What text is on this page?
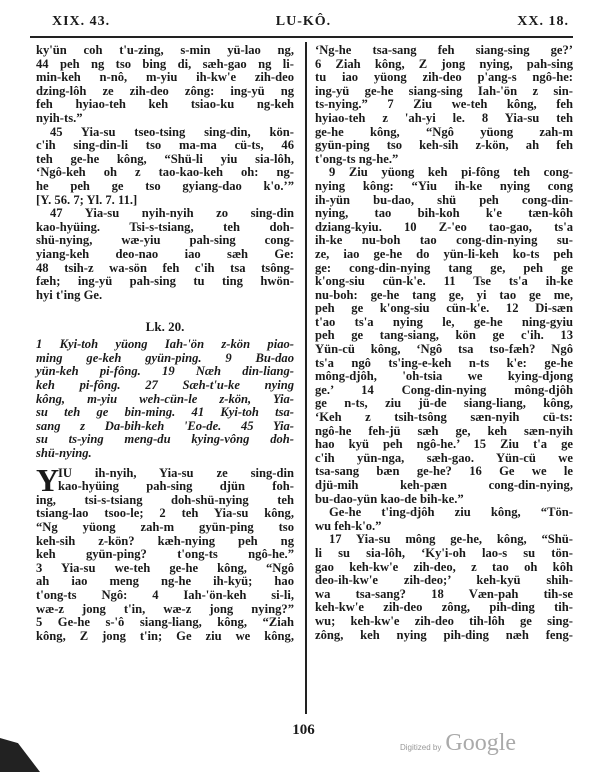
XIX. 43.	LU-KÔ.	XX. 18.
ky'ün coh t'u-zing, s-min yü-lao ng,
44 peh ng tso bing di, sæh-gao ng li-
min-keh n-nô, m-yiu ih-kw'e zih-deo
dzing-lôh ze zih-deo zông: ing-yü ng
feh hyiao-teh keh tsiao-ku ng-keh
nyih-ts.”
45 Yia-su tseo-tsing sing-din, kön-
c'ih sing-din-li tso ma-ma cü-ts, 46
teh ge-he kông, “Shü-li yiu sia-lôh,
‘Ngô-keh oh z tao-kao-keh oh: ng-
he peh ge tso gyiang-dao k'o.’”
[Y. 56. 7; Yl. 7. 11.]
47 Yia-su nyih-nyih zo sing-din
kao-hyüing. Tsi-s-tsiang, teh doh-
shü-nying, wæ-yiu pah-sing cong-
yiang-keh deo-nao iao sæh Ge:
48 tsih-z wa-sön feh c'ih tsa tsông-
fæh; ing-yü pah-sing tu ting hwön-
hyi t'ing Ge.
Lk. 20.
1 Kyi-toh yüong Iah-'ön z-kön piao-
ming ge-keh gyün-ping. 9 Bu-dao
yün-keh pi-fông. 19 Næh din-liang-
keh pi-fông. 27 Sæh-t'u-ke nying
kông, m-yiu weh-cün-le z-kön, Yia-
su teh ge bin-ming. 41 Kyi-toh tsa-
sang z Da-bih-keh 'Eo-de. 45 Yia-
su ts-ying meng-du kying-vông doh-
shü-nying.
Y
IU ih-nyih, Yia-su ze sing-din
kao-hyüing pah-sing djün foh-
ing, tsi-s-tsiang doh-shü-nying teh
tsiang-lao tsoo-le; 2 teh Yia-su kông,
“Ng yüong zah-m gyün-ping tso
keh-sih z-kön? kæh-nying peh ng
keh gyün-ping? t'ong-ts ngô-he.”
3 Yia-su we-teh ge-he kông, “Ngô
ah iao meng ng-he ih-kyü; hao
t'ong-ts Ngô: 4 Iah-'ön-keh si-li,
wæ-z jong t'in, wæ-z jong nying?”
5 Ge-he s-'ô siang-liang, kông, “Ziah
kông, Z jong t'in; Ge ziu we kông,
‘Ng-he tsa-sang feh siang-sing ge?’
6 Ziah kông, Z jong nying, pah-sing
tu iao yüong zih-deo p'ang-s ngô-he:
ing-yü ge-he siang-sing Iah-'ön z sin-
ts-nying.” 7 Ziu we-teh kông, feh
hyiao-teh z 'ah-yi le. 8 Yia-su teh
ge-he kông, “Ngô yüong zah-m
gyün-ping tso keh-sih z-kön, ah feh
t'ong-ts ng-he.”
9 Ziu yüong keh pi-fông teh cong-
nying kông: “Yiu ih-ke nying cong
ih-yün bu-dao, shü peh cong-din-
nying, tao bih-koh k'e tæn-kôh
dziang-kyiu. 10 Z-'eo tao-gao, ts'a
ih-ke nu-boh tao cong-din-nying su-
ze, iao ge-he do yün-li-keh ko-ts peh
ge: cong-din-nying tang ge, peh ge
k'ong-siu cün-k'e. 11 Tse ts'a ih-ke
nu-boh: ge-he tang ge, yi tao ge me,
peh ge k'ong-siu cün-k'e. 12 Di-sæn
t'ao ts'a nying le, ge-he ning-gyiu
peh ge tang-siang, kön ge c'ih. 13
Yün-cü kông, ‘Ngô tsa tso-fæh? Ngô
ts'a ngô ts'ing-e-keh n-ts k'e: ge-he
mông-djôh, 'oh-tsia we kying-djong
ge.’ 14 Cong-din-nying mông-djôh
ge n-ts, ziu jü-de siang-liang, kông,
‘Keh z tsih-tsông sæn-nyih cü-ts:
ngô-he feh-jü sæh ge, keh sæn-nyih
hao kyü peh ngô-he.’ 15 Ziu t'a ge
c'ih yün-nga, sæh-gao. Yün-cü we
tsa-sang bæn ge-he? 16 Ge we le
djü-mih keh-pæn cong-din-nying,
bu-dao-yün kao-de bih-ke.”
Ge-he t'ing-djôh ziu kông, “Tön-
wu feh-k'o.”
17 Yia-su mông ge-he, kông, “Shü-
li su sia-lôh, ‘Ky'i-oh lao-s su tön-
gao keh-kw'e zih-deo, z tao oh kôh
deo-ih-kw'e zih-deo;’ keh-kyü shih-
wa tsa-sang? 18 Væn-pah tih-se
keh-kw'e zih-deo zông, pih-ding tih-
wu; keh-kw'e zih-deo tih-lôh ge sing-
zông, keh nying pih-ding næh feng-
106
Digitized by Google
